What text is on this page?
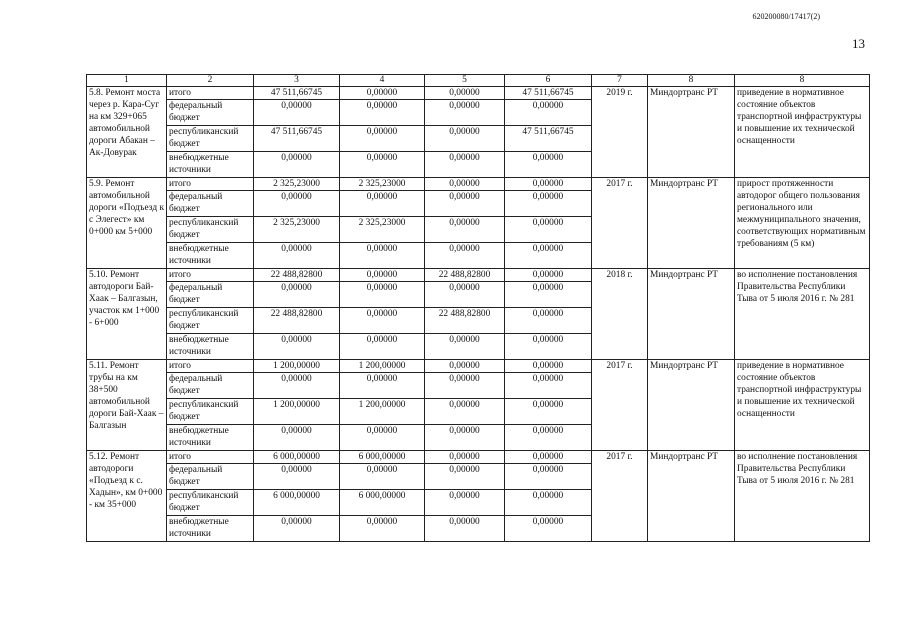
620200080/17417(2)
13
1	2	3	4	5	6	7	8	8
5.8. Ремонт моста через р. Кара-Суг на км 329+065 автомобильной дороги Абакан – Ак-Довурак	итого	47 511,66745	0,00000	0,00000	47 511,66745	2019 г.	Миндортранс РТ	приведение в нормативное состояние объектов транспортной инфраструктуры и повышение их технической оснащенности
	федеральный бюджет	0,00000	0,00000	0,00000	0,00000			
	республиканский бюджет	47 511,66745	0,00000	0,00000	47 511,66745			
	внебюджетные источники	0,00000	0,00000	0,00000	0,00000			
5.9. Ремонт автомобильной дороги «Подъезд к с Элегест» км 0+000 км 5+000	итого	2 325,23000	2 325,23000	0,00000	0,00000	2017 г.	Миндортранс РТ	прирост протяженности автодорог общего пользования регионального или межмуниципального значения, соответствующих нормативным требованиям (5 км)
	федеральный бюджет	0,00000	0,00000	0,00000	0,00000			
	республиканский бюджет	2 325,23000	2 325,23000	0,00000	0,00000			
	внебюджетные источники	0,00000	0,00000	0,00000	0,00000			
5.10. Ремонт автодороги Бай-Хаак – Балгазын, участок км 1+000 - 6+000	итого	22 488,82800	0,00000	22 488,82800	0,00000	2018 г.	Миндортранс РТ	во исполнение постановления Правительства Республики Тыва от 5 июля 2016 г. № 281
	федеральный бюджет	0,00000	0,00000	0,00000	0,00000			
	республиканский бюджет	22 488,82800	0,00000	22 488,82800	0,00000			
	внебюджетные источники	0,00000	0,00000	0,00000	0,00000			
5.11. Ремонт трубы на км 38+500 автомобильной дороги Бай-Хаак – Балгазын	итого	1 200,00000	1 200,00000	0,00000	0,00000	2017 г.	Миндортранс РТ	приведение в нормативное состояние объектов транспортной инфраструктуры и повышение их технической оснащенности
	федеральный бюджет	0,00000	0,00000	0,00000	0,00000			
	республиканский бюджет	1 200,00000	1 200,00000	0,00000	0,00000			
	внебюджетные источники	0,00000	0,00000	0,00000	0,00000			
5.12. Ремонт автодороги «Подъезд к с. Хадын», км 0+000 - км 35+000	итого	6 000,00000	6 000,00000	0,00000	0,00000	2017 г.	Миндортранс РТ	во исполнение постановления Правительства Республики Тыва от 5 июля 2016 г. № 281
	федеральный бюджет	0,00000	0,00000	0,00000	0,00000			
	республиканский бюджет	6 000,00000	6 000,00000	0,00000	0,00000			
	внебюджетные источники	0,00000	0,00000	0,00000	0,00000			
